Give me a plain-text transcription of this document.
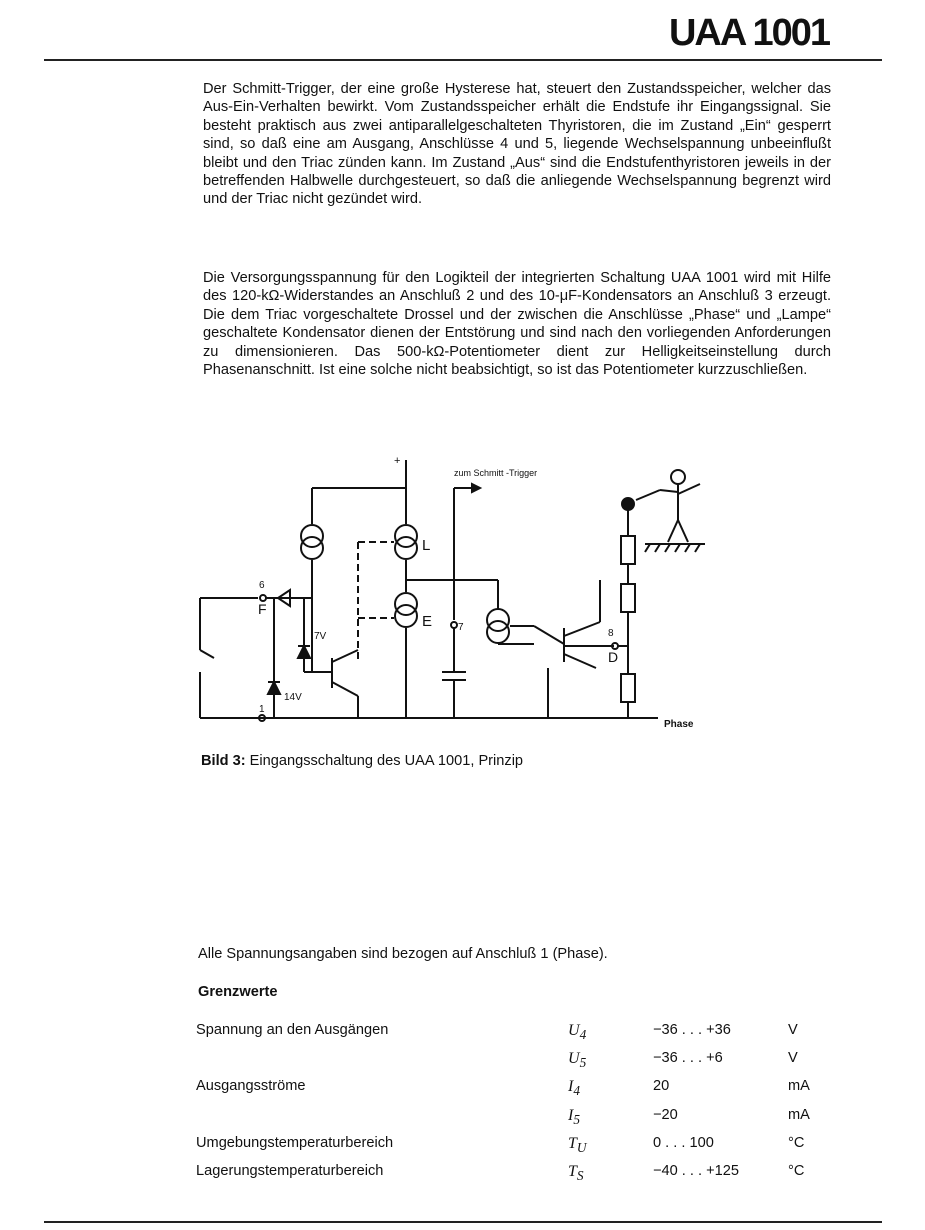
UAA 1001
Der Schmitt-Trigger, der eine große Hysterese hat, steuert den Zustandsspeicher, welcher das Aus-Ein-Verhalten bewirkt. Vom Zustandsspeicher erhält die Endstufe ihr Eingangssignal. Sie besteht praktisch aus zwei antiparallelgeschalteten Thyristoren, die im Zustand „Ein“ gesperrt sind, so daß eine am Ausgang, Anschlüsse 4 und 5, liegende Wechselspannung unbeeinflußt bleibt und den Triac zünden kann. Im Zustand „Aus“ sind die Endstufenthyristoren jeweils in der betreffenden Halbwelle durchgesteuert, so daß die anliegende Wechselspannung begrenzt wird und der Triac nicht gezündet wird.
Die Versorgungsspannung für den Logikteil der integrierten Schaltung UAA 1001 wird mit Hilfe des 120-kΩ-Widerstandes an Anschluß 2 und des 10-μF-Kondensators an Anschluß 3 erzeugt. Die dem Triac vorgeschaltete Drossel und der zwischen die Anschlüsse „Phase“ und „Lampe“ geschaltete Kondensator dienen der Entstörung und sind nach den vorliegenden Anforderungen zu dimensionieren. Das 500-kΩ-Potentiometer dient zur Helligkeitseinstellung durch Phasenanschnitt. Ist eine solche nicht beabsichtigt, so ist das Potentiometer kurzzuschließen.
+
zum Schmitt -Trigger
6
F
1
7V
14V
L
E	7
8
D
Phase
Bild 3: Eingangsschaltung des UAA 1001, Prinzip
Alle Spannungsangaben sind bezogen auf Anschluß 1 (Phase).
Grenzwerte
Spannung an den Ausgängen	$U_4$	−36 . . . +36	V
$U_5$	−36 . . . +6	V
Ausgangsströme	$I_4$	20	mA
$I_5$	−20	mA
Umgebungstemperaturbereich	$T_U$	0 . . . 100	°C
Lagerungstemperaturbereich	$T_S$	−40 . . . +125	°C
